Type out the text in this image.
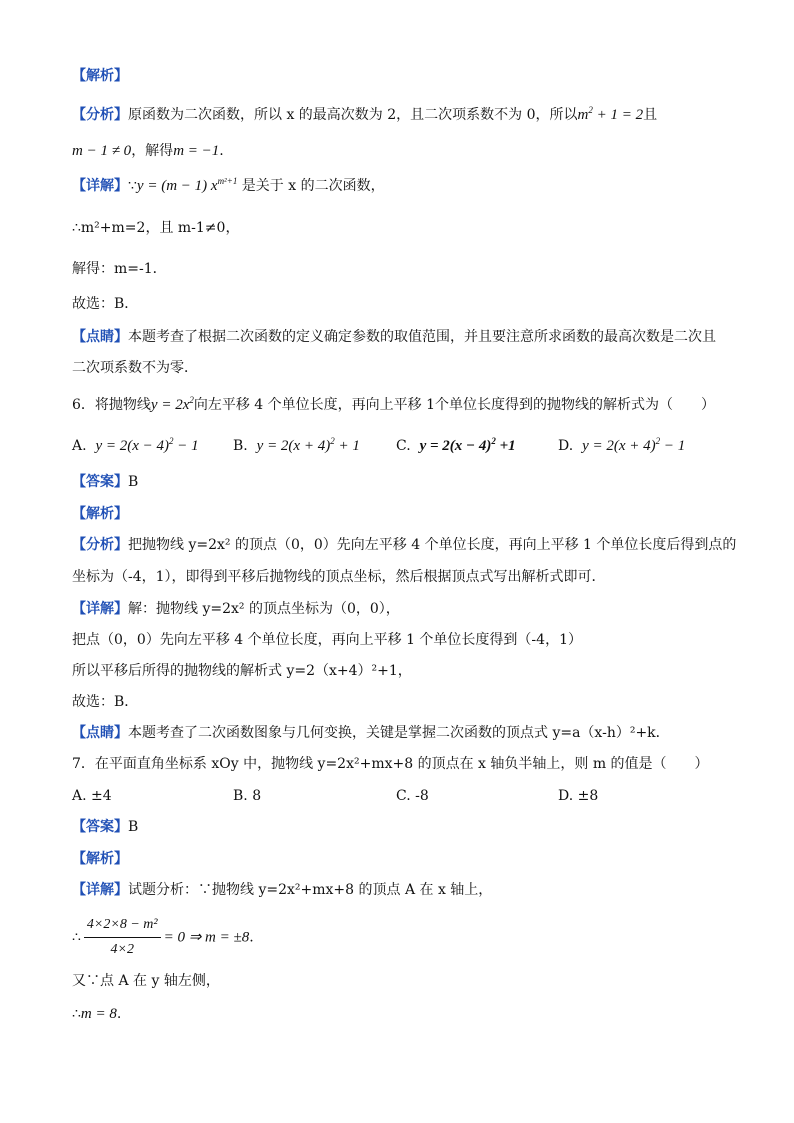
【解析】
【分析】原函数为二次函数，所以 x 的最高次数为 2，且二次项系数不为 0，所以$m^2 + 1 = 2$且
m − 1 ≠ 0，解得m = −1.
【详解】∵y = (m − 1) $x^{m^2+1}$ 是关于 x 的二次函数，
∴m²+m=2，且 m-1≠0，
解得：m=-1．
故选：B．
【点睛】本题考查了根据二次函数的定义确定参数的取值范围，并且要注意所求函数的最高次数是二次且
二次项系数不为零．
6．将抛物线$y = 2x^2$向左平移 4 个单位长度，再向上平移 1个单位长度得到的抛物线的解析式为（　　）
A. $y = 2(x - 4)^2 - 1$ B. $y = 2(x + 4)^2 + 1$	C. $y = 2(x - 4)^2 +1$	D. $y = 2(x + 4)^2 - 1$
【答案】B
【解析】
【分析】把抛物线 y=2x² 的顶点（0，0）先向左平移 4 个单位长度，再向上平移 1 个单位长度后得到点的
坐标为（-4，1），即得到平移后抛物线的顶点坐标，然后根据顶点式写出解析式即可．
【详解】解：抛物线 y=2x² 的顶点坐标为（0，0），
把点（0，0）先向左平移 4 个单位长度，再向上平移 1 个单位长度得到（-4，1）
所以平移后所得的抛物线的解析式 y=2（x+4）²+1，
故选：B．
【点睛】本题考查了二次函数图象与几何变换，关键是掌握二次函数的顶点式 y=a（x-h）²+k．
7．在平面直角坐标系 xOy 中，抛物线 y=2x²+mx+8 的顶点在 x 轴负半轴上，则 m 的值是（　　）
A. ±4	B. 8	C. -8	D. ±8
【答案】B
【解析】
【详解】试题分析：∵抛物线 y=2x²+mx+8 的顶点 A 在 x 轴上，
∴ $\frac{\text{4×2×8 − m²}}{4\times 2} = 0$ ⇒ m = ±8.
又∵点 A 在 y 轴左侧，
∴m = 8.
